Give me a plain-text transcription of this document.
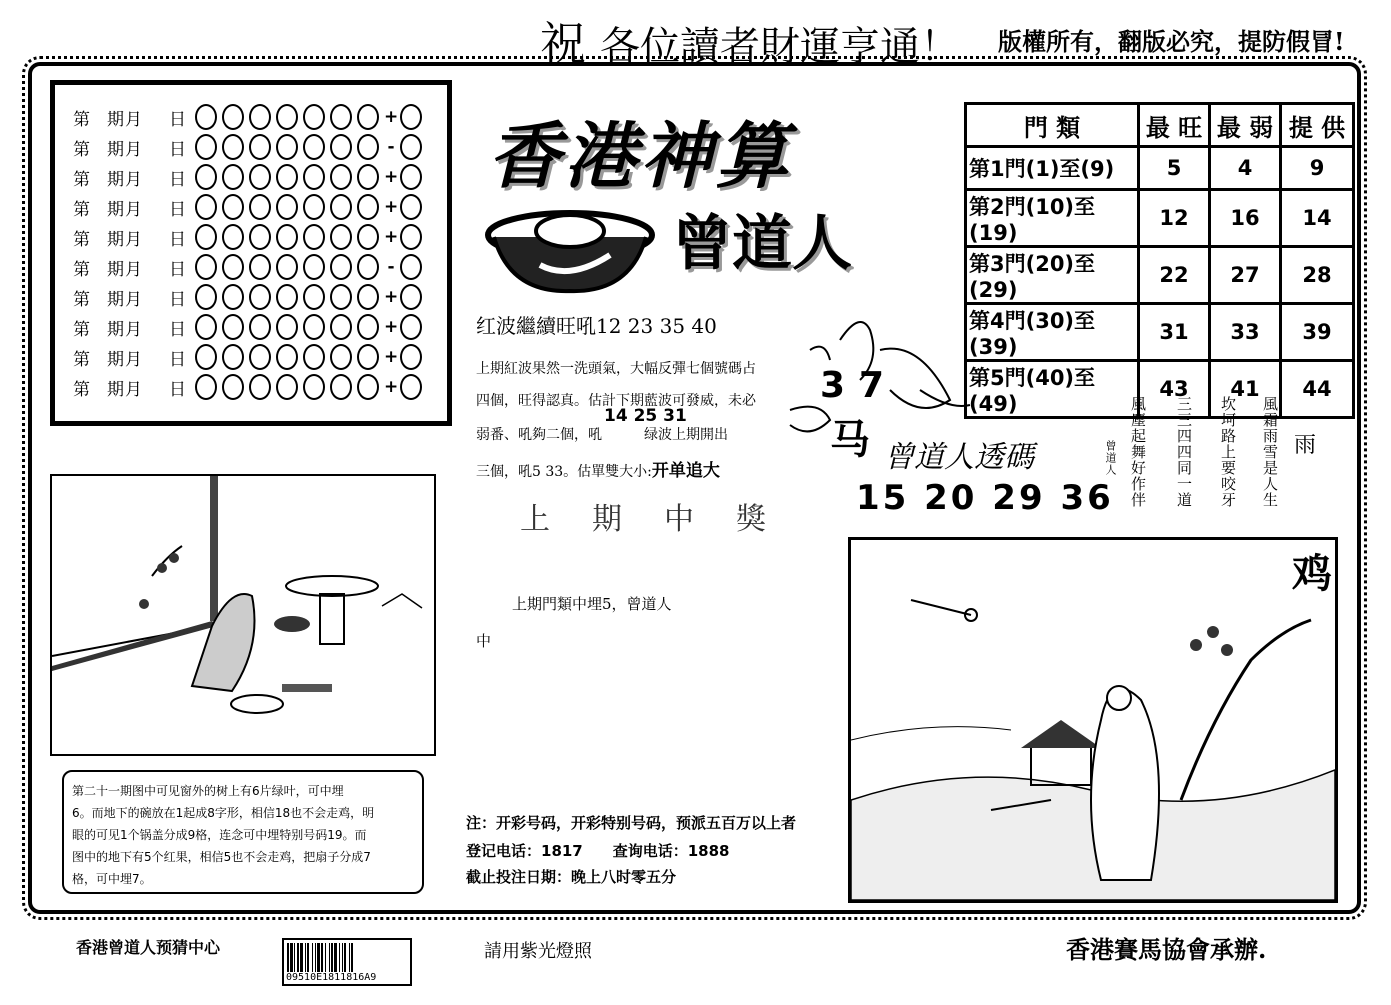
祝 各位讀者財運亨通！ 版權所有，翻版必究，提防假冒!
第　期 月	日	+
第　期 月	日	-
第　期 月	日	+
第　期 月	日	+
第　期 月	日	+
第　期 月	日	-
第　期 月	日	+
第　期 月	日	+
第　期 月	日	+
第　期 月	日	+
香港神算
曾道人
門 類	最 旺	最 弱	提 供
第1門(1)至(9)	5	4	9
第2門(10)至(19)	12	16	14
第3門(20)至(29)	22	27	28
第4門(30)至(39)	31	33	39
第5門(40)至(49)	43	41	44
红波繼續旺吼12 23 35 40
上期紅波果然一洗頭氣，大幅反彈七個號碼占
四個，旺得認真。估計下期藍波可發威，未必
14 25 31
弱番、吼夠二個，吼　　　绿波上期開出
三個，吼5 33。估單雙大小:开单追大
上期中獎
上期門類中埋5，曾道人
中
37
马 曾道人透碼
15 20 29 36	風霜雨雪是人生
坎坷路上要咬牙
三三四四同一道
風塵起舞好作伴
曾道人	雨
鸡
第二十一期图中可见窗外的树上有6片绿叶，可中埋
6。而地下的碗放在1起成8字形，相信18也不会走鸡，明
眼的可见1个锅盖分成9格，连念可中埋特别号码19。而
图中的地下有5个红果，相信5也不会走鸡，把扇子分成7
格，可中埋7。
注：开彩号码，开彩特别号码，预派五百万以上者
登记电话：1817　　查询电话：1888
截止投注日期：晚上八时零五分
香港曾道人预猜中心
09510E1811816A9
請用紫光燈照	香港賽馬協會承辦.
